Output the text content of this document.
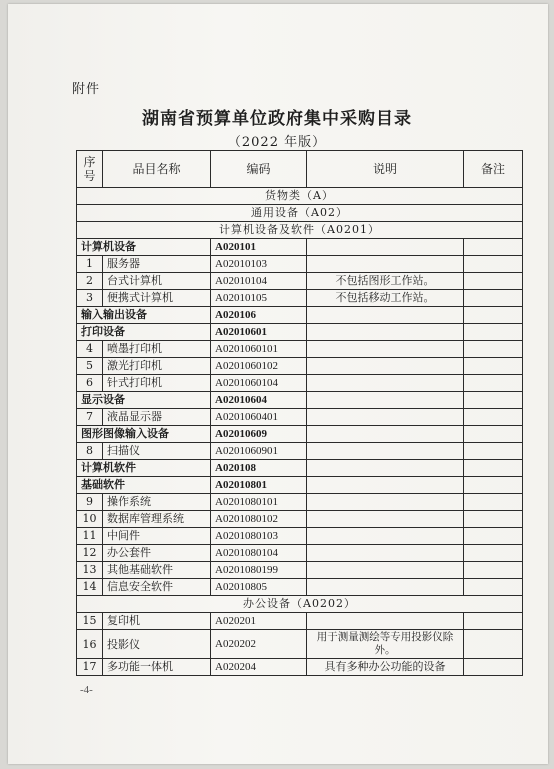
附件
湖南省预算单位政府集中采购目录
（2022 年版）
序号	品目名称	编码	说明	备注
货物类（A）				
通用设备（A02）				
计算机设备及软件（A0201）				
计算机设备		A020101		
1	服务器	A02010103		
2	台式计算机	A02010104	不包括图形工作站。	
3	便携式计算机	A02010105	不包括移动工作站。	
输入输出设备		A020106		
打印设备		A02010601		
4	喷墨打印机	A0201060101		
5	激光打印机	A0201060102		
6	针式打印机	A0201060104		
显示设备		A02010604		
7	液晶显示器	A0201060401		
图形图像输入设备		A02010609		
8	扫描仪	A0201060901		
计算机软件		A020108		
基础软件		A02010801		
9	操作系统	A0201080101		
10	数据库管理系统	A0201080102		
11	中间件	A0201080103		
12	办公套件	A0201080104		
13	其他基础软件	A0201080199		
14	信息安全软件	A02010805		
办公设备（A0202）				
15	复印机	A020201		
16	投影仪	A020202	用于测量测绘等专用投影仪除外。	
17	多功能一体机	A020204	具有多种办公功能的设备	
-4-
